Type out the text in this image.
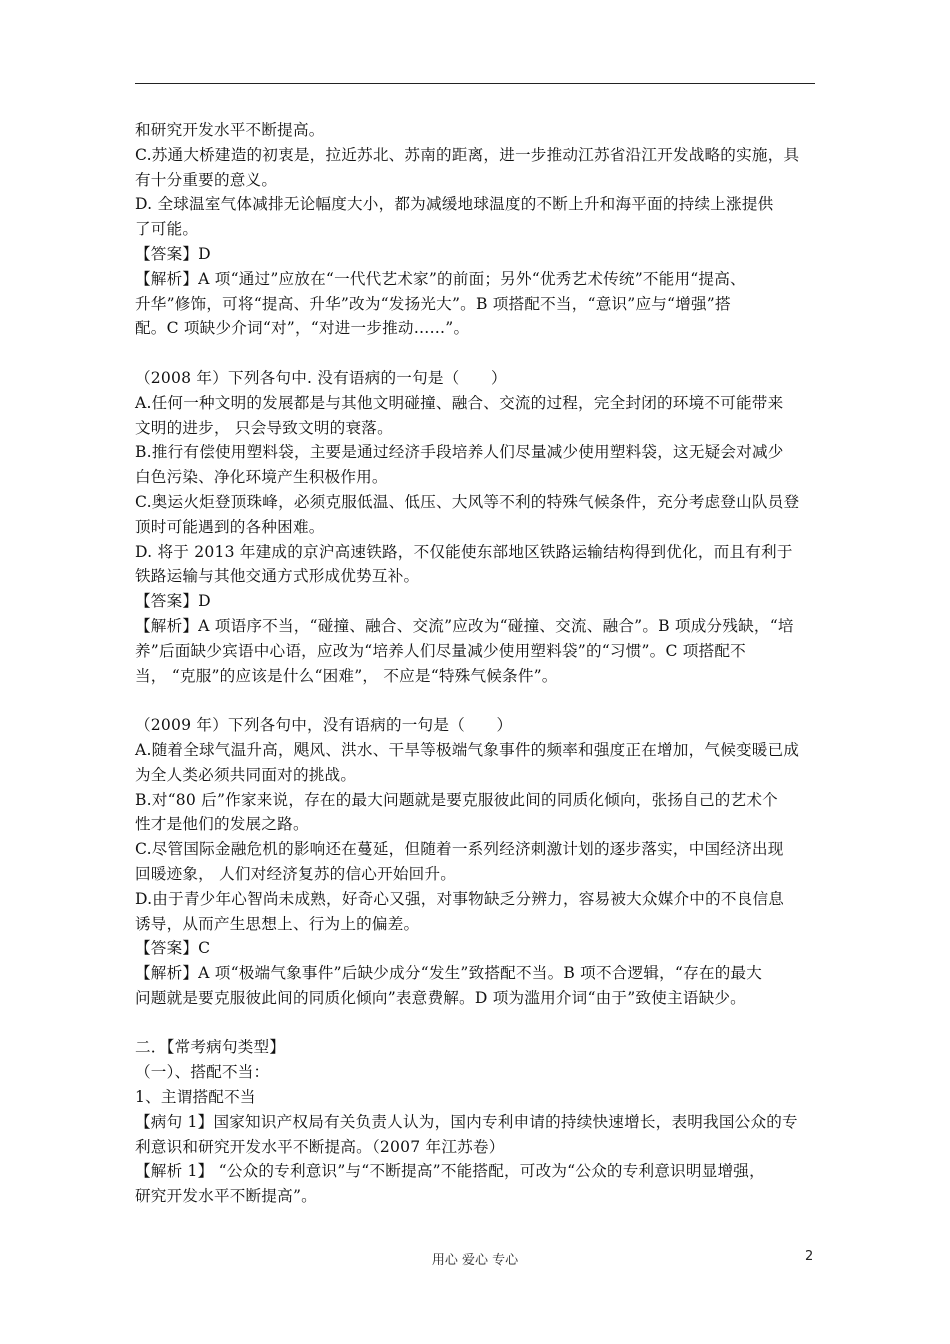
和研究开发水平不断提高。
C.苏通大桥建造的初衷是，拉近苏北、苏南的距离，进一步推动江苏省沿江开发战略的实施，具
有十分重要的意义。
D. 全球温室气体减排无论幅度大小，都为减缓地球温度的不断上升和海平面的持续上涨提供
了可能。
【答案】D
【解析】A 项“通过”应放在“一代代艺术家”的前面；另外“优秀艺术传统”不能用“提高、
升华”修饰，可将“提高、升华”改为“发扬光大”。B 项搭配不当，“意识”应与“增强”搭
配。C 项缺少介词“对”，“对进一步推动……”。
（2008 年）下列各句中. 没有语病的一句是（　　）
A.任何一种文明的发展都是与其他文明碰撞、融合、交流的过程，完全封闭的环境不可能带来
文明的进步， 只会导致文明的衰落。
B.推行有偿使用塑料袋，主要是通过经济手段培养人们尽量减少使用塑料袋，这无疑会对减少
白色污染、净化环境产生积极作用。
C.奥运火炬登顶珠峰，必须克服低温、低压、大风等不利的特殊气候条件，充分考虑登山队员登
顶时可能遇到的各种困难。
D. 将于 2013 年建成的京沪高速铁路，不仅能使东部地区铁路运输结构得到优化，而且有利于
铁路运输与其他交通方式形成优势互补。
【答案】D
【解析】A 项语序不当，“碰撞、融合、交流”应改为“碰撞、交流、融合”。B 项成分残缺，“培
养”后面缺少宾语中心语，应改为“培养人们尽量减少使用塑料袋”的“习惯”。C 项搭配不
当， “克服”的应该是什么“困难”， 不应是“特殊气候条件”。
（2009 年）下列各句中，没有语病的一句是（　　）
A.随着全球气温升高，飓风、洪水、干旱等极端气象事件的频率和强度正在增加，气候变暖已成
为全人类必须共同面对的挑战。
B.对“80 后”作家来说，存在的最大问题就是要克服彼此间的同质化倾向，张扬自己的艺术个
性才是他们的发展之路。
C.尽管国际金融危机的影响还在蔓延，但随着一系列经济刺激计划的逐步落实，中国经济出现
回暖迹象， 人们对经济复苏的信心开始回升。
D.由于青少年心智尚未成熟，好奇心又强，对事物缺乏分辨力，容易被大众媒介中的不良信息
诱导，从而产生思想上、行为上的偏差。
【答案】C
【解析】A 项“极端气象事件”后缺少成分“发生”致搭配不当。B 项不合逻辑，“存在的最大
问题就是要克服彼此间的同质化倾向”表意费解。D 项为滥用介词“由于”致使主语缺少。
二．【常考病句类型】
（一）、搭配不当：
1、主谓搭配不当
【病句 1】国家知识产权局有关负责人认为，国内专利申请的持续快速增长，表明我国公众的专
利意识和研究开发水平不断提高。（2007 年江苏卷）
【解析 1】 “公众的专利意识”与“不断提高”不能搭配，可改为“公众的专利意识明显增强，
研究开发水平不断提高”。
用心 爱心 专心	2
